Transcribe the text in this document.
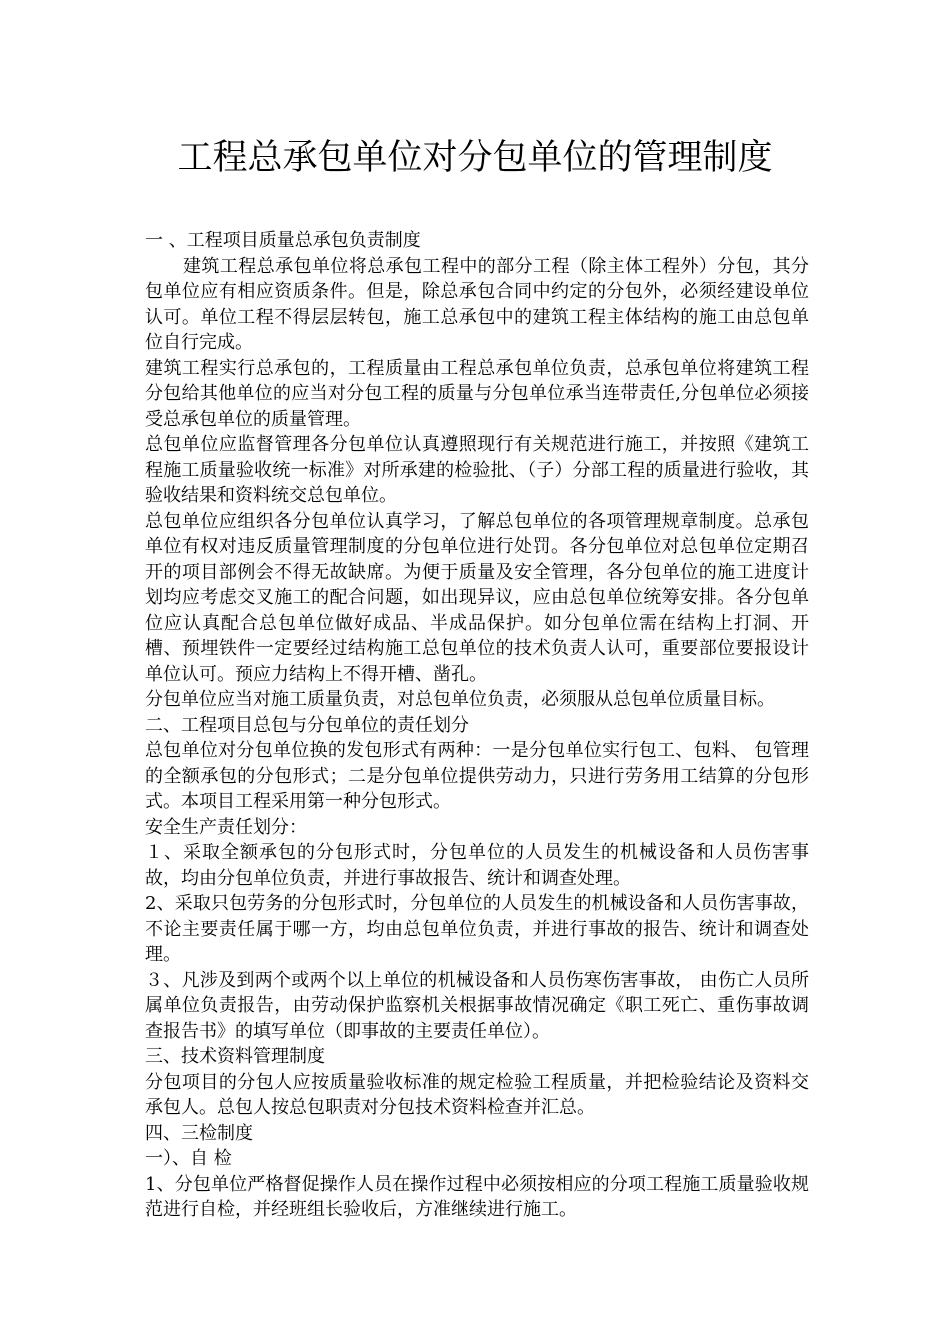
工程总承包单位对分包单位的管理制度

一 、工程项目质量总承包负责制度

建筑工程总承包单位将总承包工程中的部分工程（除主体工程外）分包，其分包单位应有相应资质条件。但是，除总承包合同中约定的分包外，必须经建设单位认可。单位工程不得层层转包，施工总承包中的建筑工程主体结构的施工由总包单位自行完成。

建筑工程实行总承包的，工程质量由工程总承包单位负责，总承包单位将建筑工程分包给其他单位的应当对分包工程的质量与分包单位承当连带责任,分包单位必须接受总承包单位的质量管理。

总包单位应监督管理各分包单位认真遵照现行有关规范进行施工，并按照《建筑工程施工质量验收统一标准》对所承建的检验批、（子）分部工程的质量进行验收，其验收结果和资料统交总包单位。

总包单位应组织各分包单位认真学习，了解总包单位的各项管理规章制度。总承包单位有权对违反质量管理制度的分包单位进行处罚。各分包单位对总包单位定期召开的项目部例会不得无故缺席。为便于质量及安全管理，各分包单位的施工进度计划均应考虑交叉施工的配合问题，如出现异议，应由总包单位统筹安排。各分包单位应认真配合总包单位做好成品、半成品保护。如分包单位需在结构上打洞、开槽、预埋铁件一定要经过结构施工总包单位的技术负责人认可，重要部位要报设计单位认可。预应力结构上不得开槽、凿孔。

分包单位应当对施工质量负责，对总包单位负责，必须服从总包单位质量目标。

二、工程项目总包与分包单位的责任划分

总包单位对分包单位换的发包形式有两种：一是分包单位实行包工、包料、 包管理的全额承包的分包形式；二是分包单位提供劳动力，只进行劳务用工结算的分包形式。本项目工程采用第一种分包形式。

安全生产责任划分：

１、采取全额承包的分包形式时，分包单位的人员发生的机械设备和人员伤害事故，均由分包单位负责，并进行事故报告、统计和调查处理。

2、采取只包劳务的分包形式时，分包单位的人员发生的机械设备和人员伤害事故，不论主要责任属于哪一方，均由总包单位负责，并进行事故的报告、统计和调查处理。

３、凡涉及到两个或两个以上单位的机械设备和人员伤寒伤害事故， 由伤亡人员所属单位负责报告，由劳动保护监察机关根据事故情况确定《职工死亡、重伤事故调查报告书》的填写单位（即事故的主要责任单位）。

三、技术资料管理制度

分包项目的分包人应按质量验收标准的规定检验工程质量，并把检验结论及资料交承包人。总包人按总包职责对分包技术资料检查并汇总。

四、三检制度

一）、自 检

1、分包单位严格督促操作人员在操作过程中必须按相应的分项工程施工质量验收规范进行自检，并经班组长验收后，方准继续进行施工。
